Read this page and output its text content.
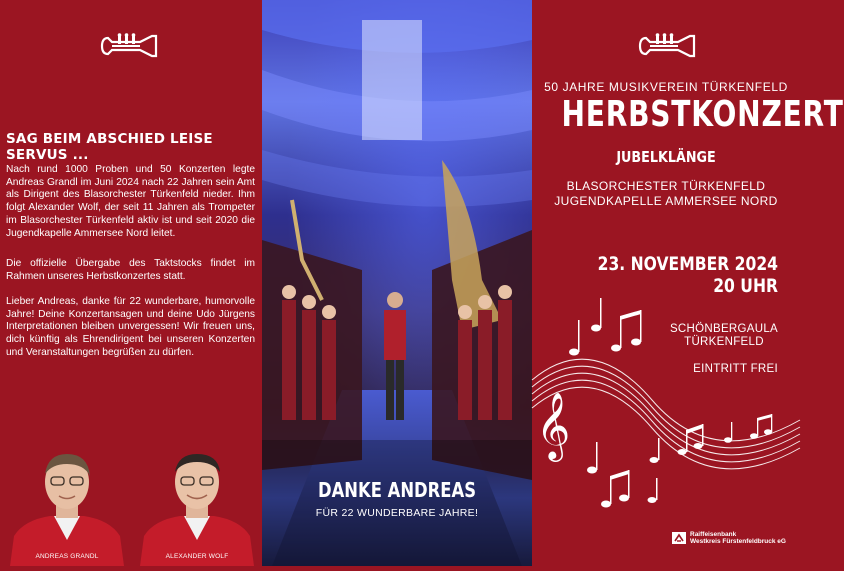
SAG BEIM ABSCHIED LEISE SERVUS ...

Nach rund 1000 Proben und 50 Konzerten legte Andreas Grandl im Juni 2024 nach 22 Jahren sein Amt als Dirigent des Blasorchester Türkenfeld nieder. Ihm folgt Alexander Wolf, der seit 11 Jahren als Trompeter im Blasorchester Türkenfeld aktiv ist und seit 2020 die Jugendkapelle Ammersee Nord leitet.

Die offizielle Übergabe des Taktstocks findet im Rahmen unseres Herbstkonzertes statt.

Lieber Andreas, danke für 22 wunderbare, humorvolle Jahre! Deine Konzertansagen und deine Udo Jürgens Interpretationen bleiben unvergessen! Wir freuen uns, dich künftig als Ehrendirigent bei unseren Konzerten und Veranstaltungen begrüßen zu dürfen.

ANDREAS GRANDL	ALEXANDER WOLF
DANKE ANDREAS
FÜR 22 WUNDERBARE JAHRE!
50 JAHRE MUSIKVEREIN TÜRKENFELD
HERBSTKONZERT
JUBELKLÄNGE
BLASORCHESTER TÜRKENFELD
JUGENDKAPELLE AMMERSEE NORD
23. NOVEMBER 2024
20 UHR
𝄞
SCHÖNBERGAULA
TÜRKENFELD
EINTRITT FREI
Raiffeisenbank
Westkreis Fürstenfeldbruck eG
